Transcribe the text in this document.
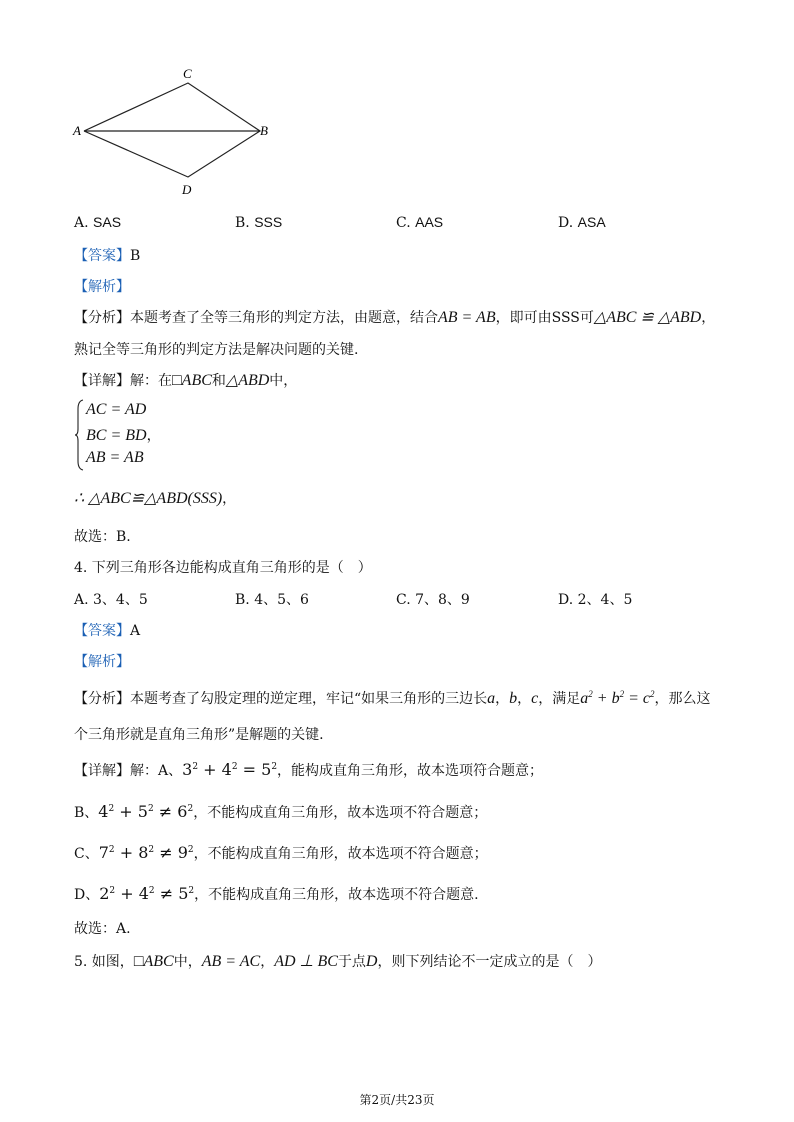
C
A	B
D
A. SAS	B. SSS	C. AAS	D. ASA
【答案】B
【解析】
【分析】本题考查了全等三角形的判定方法，由题意，结合AB = AB，即可由SSS可△ABC ≌ △ABD，
熟记全等三角形的判定方法是解决问题的关键.
【详解】解：在□ABC和△ABD中，
AC = AD
BC = BD，
AB = AB
∴ △ABC≌△ABD(SSS)，
故选：B.
4. 下列三角形各边能构成直角三角形的是（　）
A. 3、4、5	B. 4、5、6	C. 7、8、9	D. 2、4、5
【答案】A
【解析】
【分析】本题考查了勾股定理的逆定理，牢记“如果三角形的三边长a，b，c，满足$a^2 + b^2 = c^2$，那么这
个三角形就是直角三角形”是解题的关键.
【详解】解：A、$3^2 + 4^2 = 5^2$，能构成直角三角形，故本选项符合题意；
B、$4^2 + 5^2 \ne 6^2$，不能构成直角三角形，故本选项不符合题意；
C、$7^2 + 8^2 \ne 9^2$，不能构成直角三角形，故本选项不符合题意；
D、$2^2 + 4^2 \ne 5^2$，不能构成直角三角形，故本选项不符合题意.
故选：A.
5. 如图，□ABC中，AB = AC，AD ⊥ BC于点D，则下列结论不一定成立的是（　）
第2页/共23页
